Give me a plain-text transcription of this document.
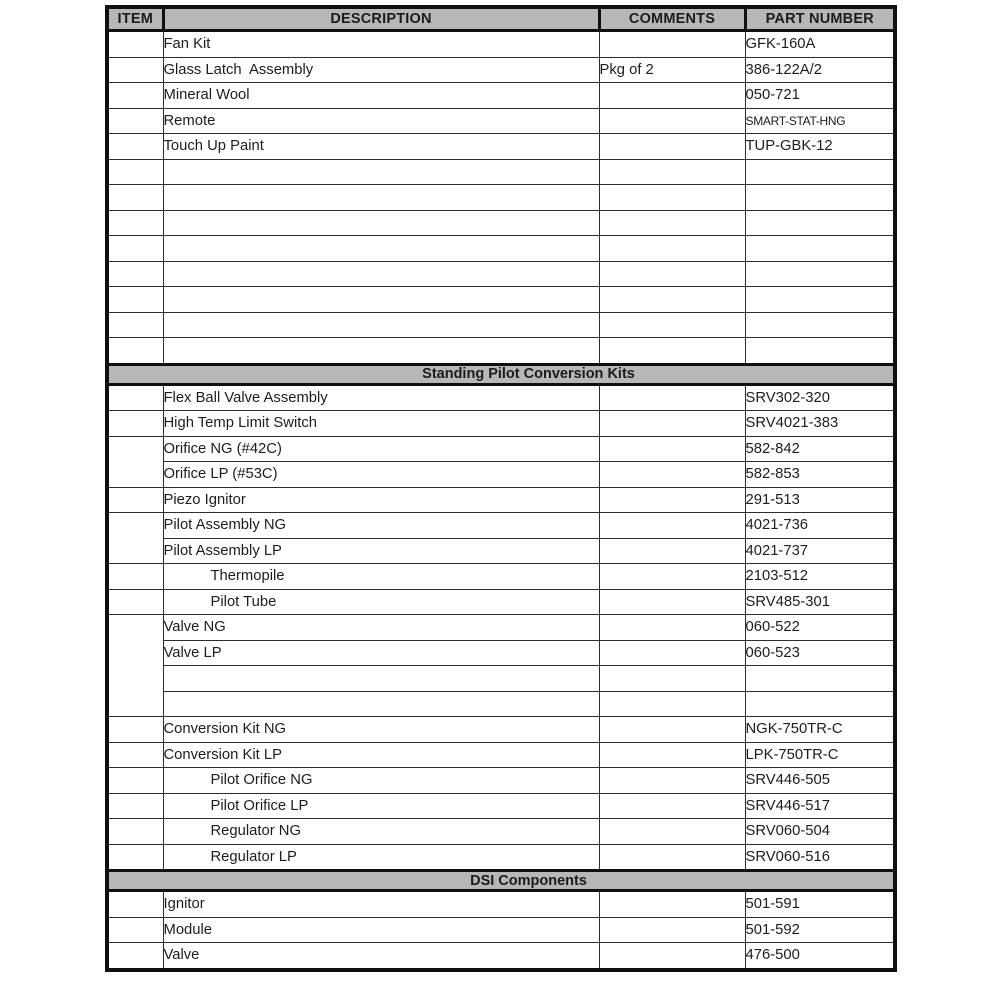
ITEM	DESCRIPTION	COMMENTS	PART NUMBER
	Fan Kit		GFK-160A
	Glass Latch  Assembly	Pkg of 2	386-122A/2
	Mineral Wool		050-721
	Remote		SMART-STAT-HNG
	Touch Up Paint		TUP-GBK-12

Standing Pilot Conversion Kits			
	Flex Ball Valve Assembly		SRV302-320
	High Temp Limit Switch		SRV4021-383
	Orifice NG (#42C)		582-842
	Orifice LP (#53C)		582-853
	Piezo Ignitor		291-513
	Pilot Assembly NG		4021-736
	Pilot Assembly LP		4021-737
	Thermopile		2103-512
	Pilot Tube		SRV485-301
	Valve NG		060-522
	Valve LP		060-523

	Conversion Kit NG		NGK-750TR-C
	Conversion Kit LP		LPK-750TR-C
	Pilot Orifice NG		SRV446-505
	Pilot Orifice LP		SRV446-517
	Regulator NG		SRV060-504
	Regulator LP		SRV060-516
DSI Components			
	Ignitor		501-591
	Module		501-592
	Valve		476-500
